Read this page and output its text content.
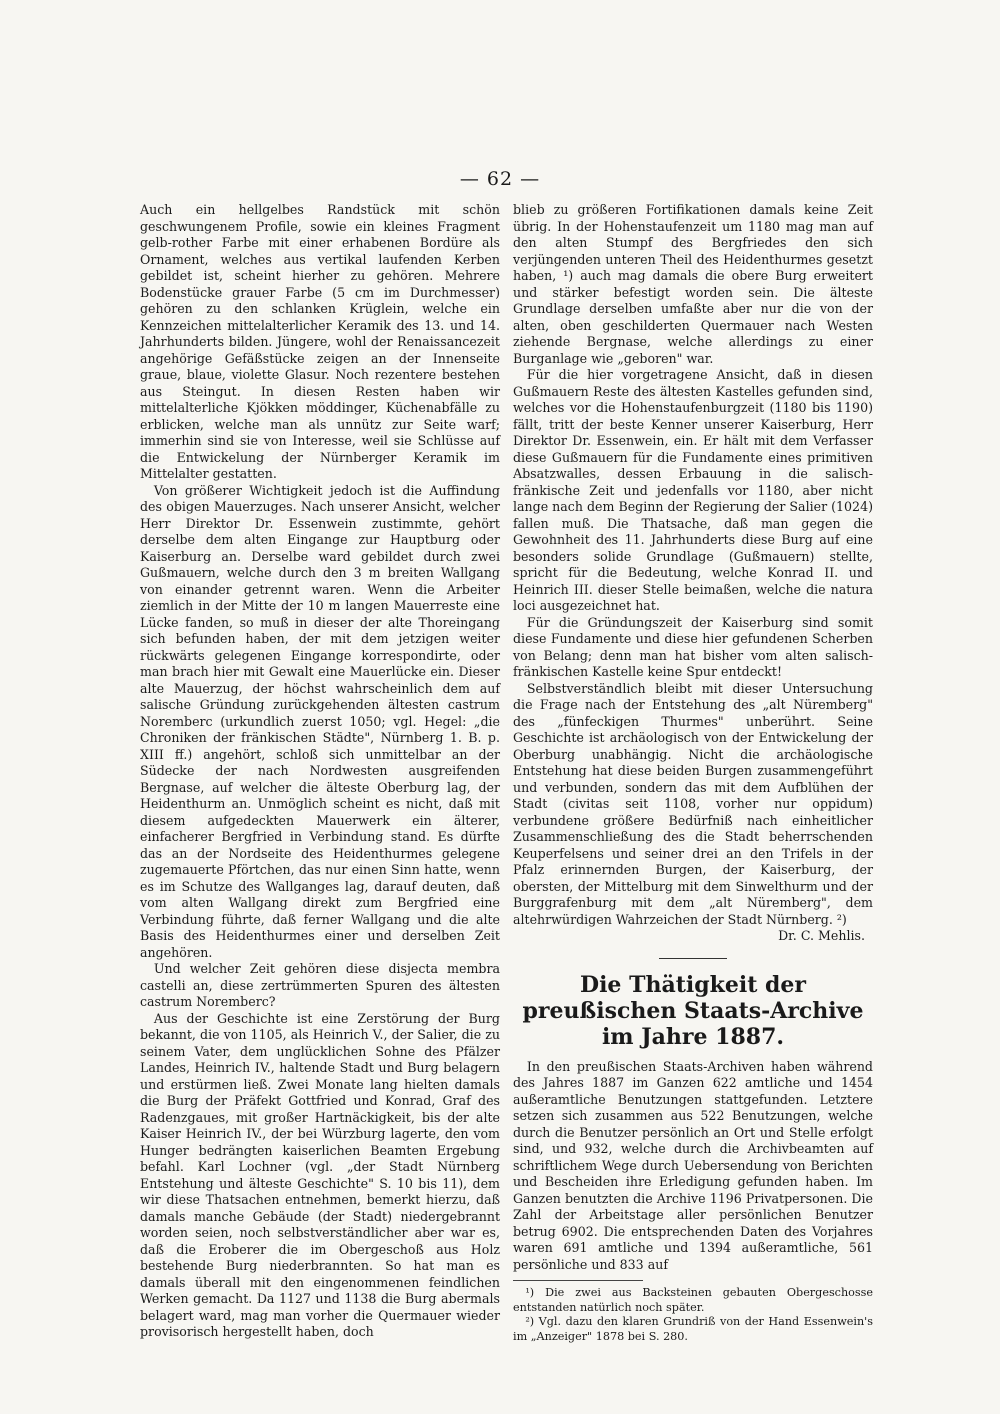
— 62 —

Auch ein hellgelbes Randstück mit schön geschwungenem Profile, sowie ein kleines Fragment gelb-rother Farbe mit einer erhabenen Bordüre als Ornament, welches aus vertikal laufenden Kerben gebildet ist, scheint hierher zu gehören. Mehrere Bodenstücke grauer Farbe (5 cm im Durchmesser) gehören zu den schlanken Krüglein, welche ein Kennzeichen mittelalterlicher Keramik des 13. und 14. Jahrhunderts bilden. Jüngere, wohl der Renaissancezeit angehörige Gefäßstücke zeigen an der Innenseite graue, blaue, violette Glasur. Noch rezentere bestehen aus Steingut. In diesen Resten haben wir mittelalterliche Kjökken möddinger, Küchenabfälle zu erblicken, welche man als unnütz zur Seite warf; immerhin sind sie von Interesse, weil sie Schlüsse auf die Entwickelung der Nürnberger Keramik im Mittelalter gestatten.

Von größerer Wichtigkeit jedoch ist die Auffindung des obigen Mauerzuges. Nach unserer Ansicht, welcher Herr Direktor Dr. Essenwein zustimmte, gehört derselbe dem alten Eingange zur Hauptburg oder Kaiserburg an. Derselbe ward gebildet durch zwei Gußmauern, welche durch den 3 m breiten Wallgang von einander getrennt waren. Wenn die Arbeiter ziemlich in der Mitte der 10 m langen Mauerreste eine Lücke fanden, so muß in dieser der alte Thoreingang sich befunden haben, der mit dem jetzigen weiter rückwärts gelegenen Eingange korrespondirte, oder man brach hier mit Gewalt eine Mauerlücke ein. Dieser alte Mauerzug, der höchst wahrscheinlich dem auf salische Gründung zurückgehenden ältesten castrum Noremberc (urkundlich zuerst 1050; vgl. Hegel: „die Chroniken der fränkischen Städte", Nürnberg 1. B. p. XIII ff.) angehört, schloß sich unmittelbar an der Südecke der nach Nordwesten ausgreifenden Bergnase, auf welcher die älteste Oberburg lag, der Heidenthurm an. Unmöglich scheint es nicht, daß mit diesem aufgedeckten Mauerwerk ein älterer, einfacherer Bergfried in Verbindung stand. Es dürfte das an der Nordseite des Heidenthurmes gelegene zugemauerte Pförtchen, das nur einen Sinn hatte, wenn es im Schutze des Wallganges lag, darauf deuten, daß vom alten Wallgang direkt zum Bergfried eine Verbindung führte, daß ferner Wallgang und die alte Basis des Heidenthurmes einer und derselben Zeit angehören.

Und welcher Zeit gehören diese disjecta membra castelli an, diese zertrümmerten Spuren des ältesten castrum Noremberc?

Aus der Geschichte ist eine Zerstörung der Burg bekannt, die von 1105, als Heinrich V., der Salier, die zu seinem Vater, dem unglücklichen Sohne des Pfälzer Landes, Heinrich IV., haltende Stadt und Burg belagern und erstürmen ließ. Zwei Monate lang hielten damals die Burg der Präfekt Gottfried und Konrad, Graf des Radenzgaues, mit großer Hartnäckigkeit, bis der alte Kaiser Heinrich IV., der bei Würzburg lagerte, den vom Hunger bedrängten kaiserlichen Beamten Ergebung befahl. Karl Lochner (vgl. „der Stadt Nürnberg Entstehung und älteste Geschichte" S. 10 bis 11), dem wir diese Thatsachen entnehmen, bemerkt hierzu, daß damals manche Gebäude (der Stadt) niedergebrannt worden seien, noch selbstverständlicher aber war es, daß die Eroberer die im Obergeschoß aus Holz bestehende Burg niederbrannten. So hat man es damals überall mit den eingenommenen feindlichen Werken gemacht. Da 1127 und 1138 die Burg abermals belagert ward, mag man vorher die Quermauer wieder provisorisch hergestellt haben, doch

blieb zu größeren Fortifikationen damals keine Zeit übrig. In der Hohenstaufenzeit um 1180 mag man auf den alten Stumpf des Bergfriedes den sich verjüngenden unteren Theil des Heidenthurmes gesetzt haben, ¹) auch mag damals die obere Burg erweitert und stärker befestigt worden sein. Die älteste Grundlage derselben umfaßte aber nur die von der alten, oben geschilderten Quermauer nach Westen ziehende Bergnase, welche allerdings zu einer Burganlage wie „geboren" war.

Für die hier vorgetragene Ansicht, daß in diesen Gußmauern Reste des ältesten Kastelles gefunden sind, welches vor die Hohenstaufenburgzeit (1180 bis 1190) fällt, tritt der beste Kenner unserer Kaiserburg, Herr Direktor Dr. Essenwein, ein. Er hält mit dem Verfasser diese Gußmauern für die Fundamente eines primitiven Absatzwalles, dessen Erbauung in die salisch-fränkische Zeit und jedenfalls vor 1180, aber nicht lange nach dem Beginn der Regierung der Salier (1024) fallen muß. Die Thatsache, daß man gegen die Gewohnheit des 11. Jahrhunderts diese Burg auf eine besonders solide Grundlage (Gußmauern) stellte, spricht für die Bedeutung, welche Konrad II. und Heinrich III. dieser Stelle beimaßen, welche die natura loci ausgezeichnet hat.

Für die Gründungszeit der Kaiserburg sind somit diese Fundamente und diese hier gefundenen Scherben von Belang; denn man hat bisher vom alten salisch-fränkischen Kastelle keine Spur entdeckt!

Selbstverständlich bleibt mit dieser Untersuchung die Frage nach der Entstehung des „alt Nüremberg" des „fünfeckigen Thurmes" unberührt. Seine Geschichte ist archäologisch von der Entwickelung der Oberburg unabhängig. Nicht die archäologische Entstehung hat diese beiden Burgen zusammengeführt und verbunden, sondern das mit dem Aufblühen der Stadt (civitas seit 1108, vorher nur oppidum) verbundene größere Bedürfniß nach einheitlicher Zusammenschließung des die Stadt beherrschenden Keuperfelsens und seiner drei an den Trifels in der Pfalz erinnernden Burgen, der Kaiserburg, der obersten, der Mittelburg mit dem Sinwelthurm und der Burggrafenburg mit dem „alt Nüremberg", dem altehrwürdigen Wahrzeichen der Stadt Nürnberg. ²)

Dr. C. Mehlis.

Die Thätigkeit der preußischen Staats-Archive im Jahre 1887.

In den preußischen Staats-Archiven haben während des Jahres 1887 im Ganzen 622 amtliche und 1454 außeramtliche Benutzungen stattgefunden. Letztere setzen sich zusammen aus 522 Benutzungen, welche durch die Benutzer persönlich an Ort und Stelle erfolgt sind, und 932, welche durch die Archivbeamten auf schriftlichem Wege durch Uebersendung von Berichten und Bescheiden ihre Erledigung gefunden haben. Im Ganzen benutzten die Archive 1196 Privatpersonen. Die Zahl der Arbeitstage aller persönlichen Benutzer betrug 6902. Die entsprechenden Daten des Vorjahres waren 691 amtliche und 1394 außeramtliche, 561 persönliche und 833 auf

¹) Die zwei aus Backsteinen gebauten Obergeschosse entstanden natürlich noch später.

²) Vgl. dazu den klaren Grundriß von der Hand Essenwein's im „Anzeiger" 1878 bei S. 280.
